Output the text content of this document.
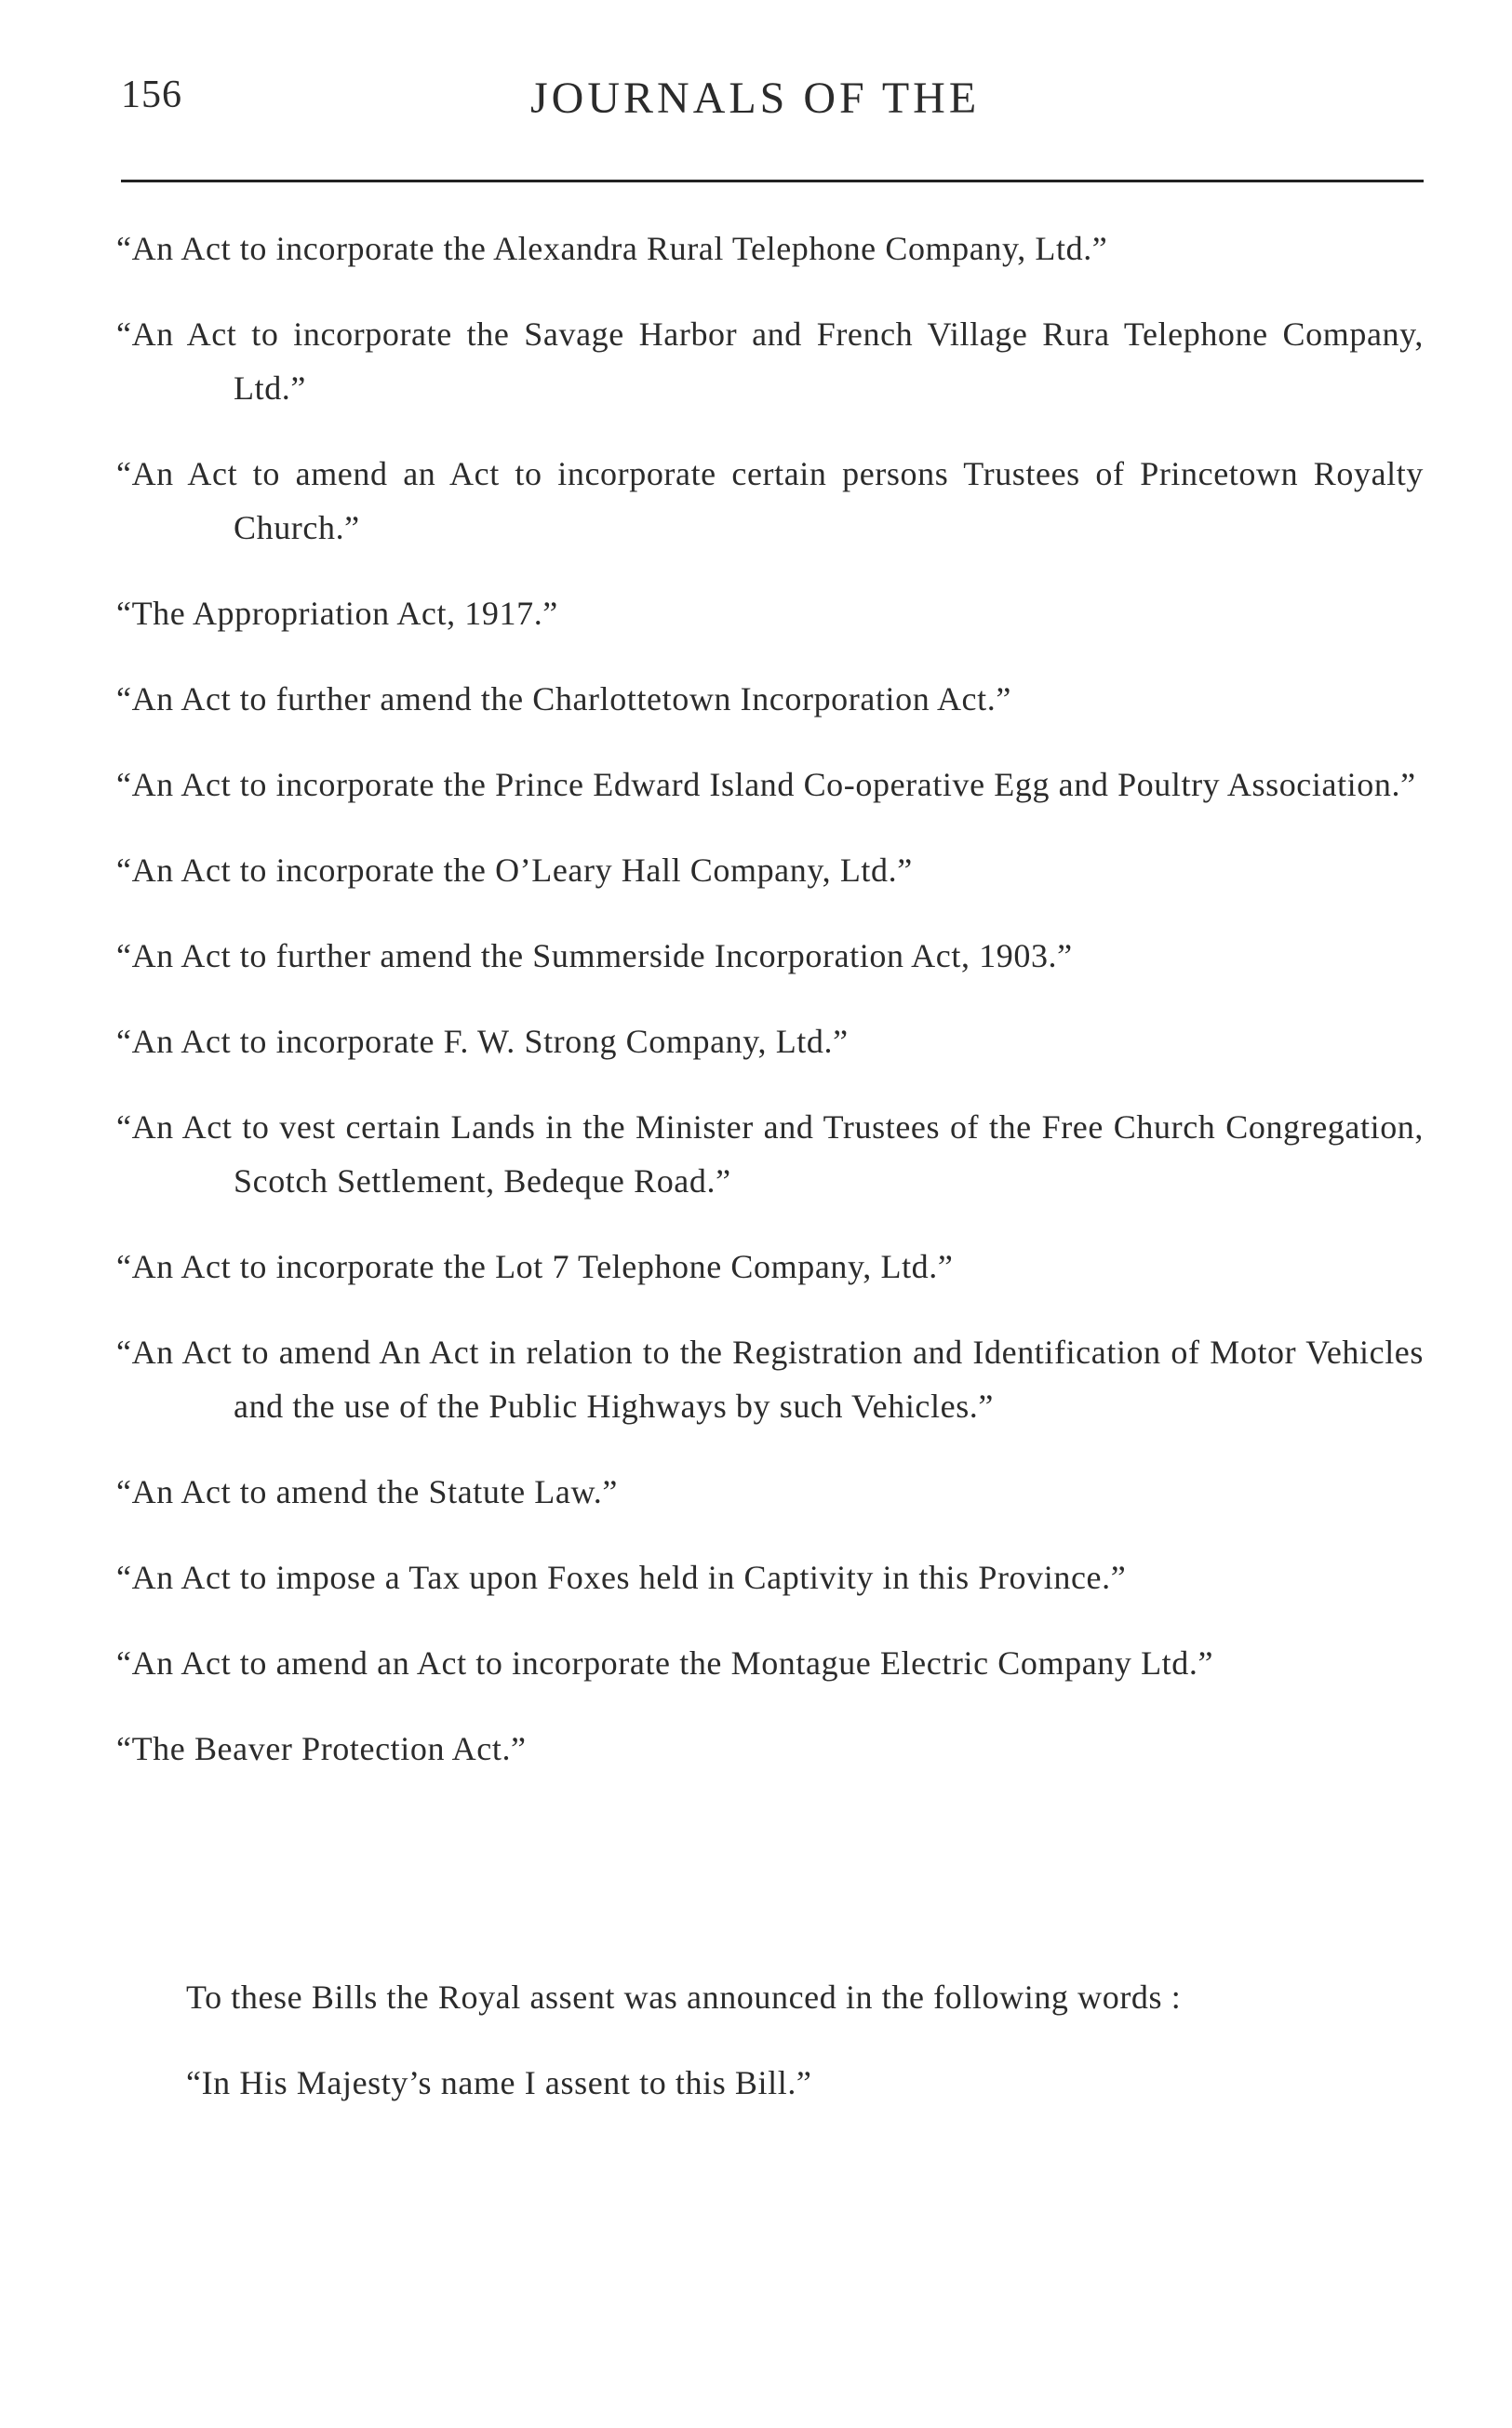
156	JOURNALS OF THE
“An Act to incorporate the Alexandra Rural Telephone Company, Ltd.”
“An Act to incorporate the Savage Harbor and French Village Rura Telephone Company, Ltd.”
“An Act to amend an Act to incorporate certain persons Trustees of Princetown Royalty Church.”
“The Appropriation Act, 1917.”
“An Act to further amend the Charlottetown Incorporation Act.”
“An Act to incorporate the Prince Edward Island Co-operative Egg and Poultry Association.”
“An Act to incorporate the O’Leary Hall Company, Ltd.”
“An Act to further amend the Summerside Incorporation Act, 1903.”
“An Act to incorporate F. W. Strong Company, Ltd.”
“An Act to vest certain Lands in the Minister and Trustees of the Free Church Congregation, Scotch Settlement, Bedeque Road.”
“An Act to incorporate the Lot 7 Telephone Company, Ltd.”
“An Act to amend An Act in relation to the Registration and Identification of Motor Vehicles and the use of the Public Highways by such Vehicles.”
“An Act to amend the Statute Law.”
“An Act to impose a Tax upon Foxes held in Captivity in this Province.”
“An Act to amend an Act to incorporate the Montague Electric Company Ltd.”
“The Beaver Protection Act.”

To these Bills the Royal assent was announced in the following words :

“In His Majesty’s name I assent to this Bill.”
